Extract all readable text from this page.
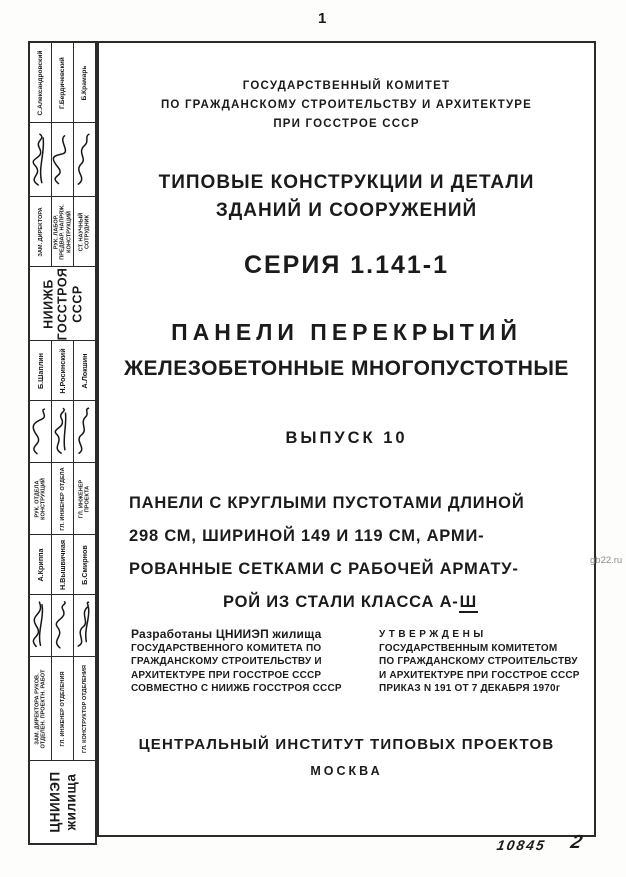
1
С.Александровский Г.Бердичевский Б.Крамарь
ЗАМ. ДИРЕКТОРА РУК. ЛАБОР. ПРЕДВАР. НАПРЯЖ. КОНСТРУКЦИЙ СТ. НАУЧНЫЙ СОТРУДНИК
НИИЖБ ГОССТРОЯ СССР
Б.Шаплин Н.Росинский А.Локшин
РУК. ОТДЕЛА КОНСТРУКЦИЙ ГЛ. ИНЖЕНЕР ОТДЕЛА ГЛ. ИНЖЕНЕР ПРОЕКТА
А.Криппа Н.Вышвичная Б.Смирнов
ЗАМ. ДИРЕКТОРА РУКОВ. ОТДЕЛЕН. ПРОЕКТН. РАБОТ ГЛ. ИНЖЕНЕР ОТДЕЛЕНИЯ	ГЛ. КОНСТРУКТОР ОТДЕЛЕНИЯ
ЦНИИЭП жилища
ГОСУДАРСТВЕННЫЙ КОМИТЕТ
ПО ГРАЖДАНСКОМУ СТРОИТЕЛЬСТВУ И АРХИТЕКТУРЕ
ПРИ ГОССТРОЕ СССР
ТИПОВЫЕ КОНСТРУКЦИИ И ДЕТАЛИ
ЗДАНИЙ И СООРУЖЕНИЙ
СЕРИЯ 1.141-1
ПАНЕЛИ ПЕРЕКРЫТИЙ
ЖЕЛЕЗОБЕТОННЫЕ МНОГОПУСТОТНЫЕ
ВЫПУСК 10
ПАНЕЛИ С КРУГЛЫМИ ПУСТОТАМИ ДЛИНОЙ
298 СМ, ШИРИНОЙ 149 И 119 СМ, АРМИ-
РОВАННЫЕ СЕТКАМИ С РАБОЧЕЙ АРМАТУ-
РОЙ ИЗ СТАЛИ КЛАССА А-Ш
Разработаны ЦНИИЭП жилища
ГОСУДАРСТВЕННОГО КОМИТЕТА ПО
ГРАЖДАНСКОМУ СТРОИТЕЛЬСТВУ И
АРХИТЕКТУРЕ ПРИ ГОССТРОЕ СССР
СОВМЕСТНО С НИИЖБ ГОССТРОЯ СССР
УТВЕРЖДЕНЫ
ГОСУДАРСТВЕННЫМ КОМИТЕТОМ
ПО ГРАЖДАНСКОМУ СТРОИТЕЛЬСТВУ
И АРХИТЕКТУРЕ ПРИ ГОССТРОЕ СССР
ПРИКАЗ N 191 ОТ 7 ДЕКАБРЯ 1970г
ЦЕНТРАЛЬНЫЙ ИНСТИТУТ ТИПОВЫХ ПРОЕКТОВ
МОСКВА
10845 2
gb22.ru
